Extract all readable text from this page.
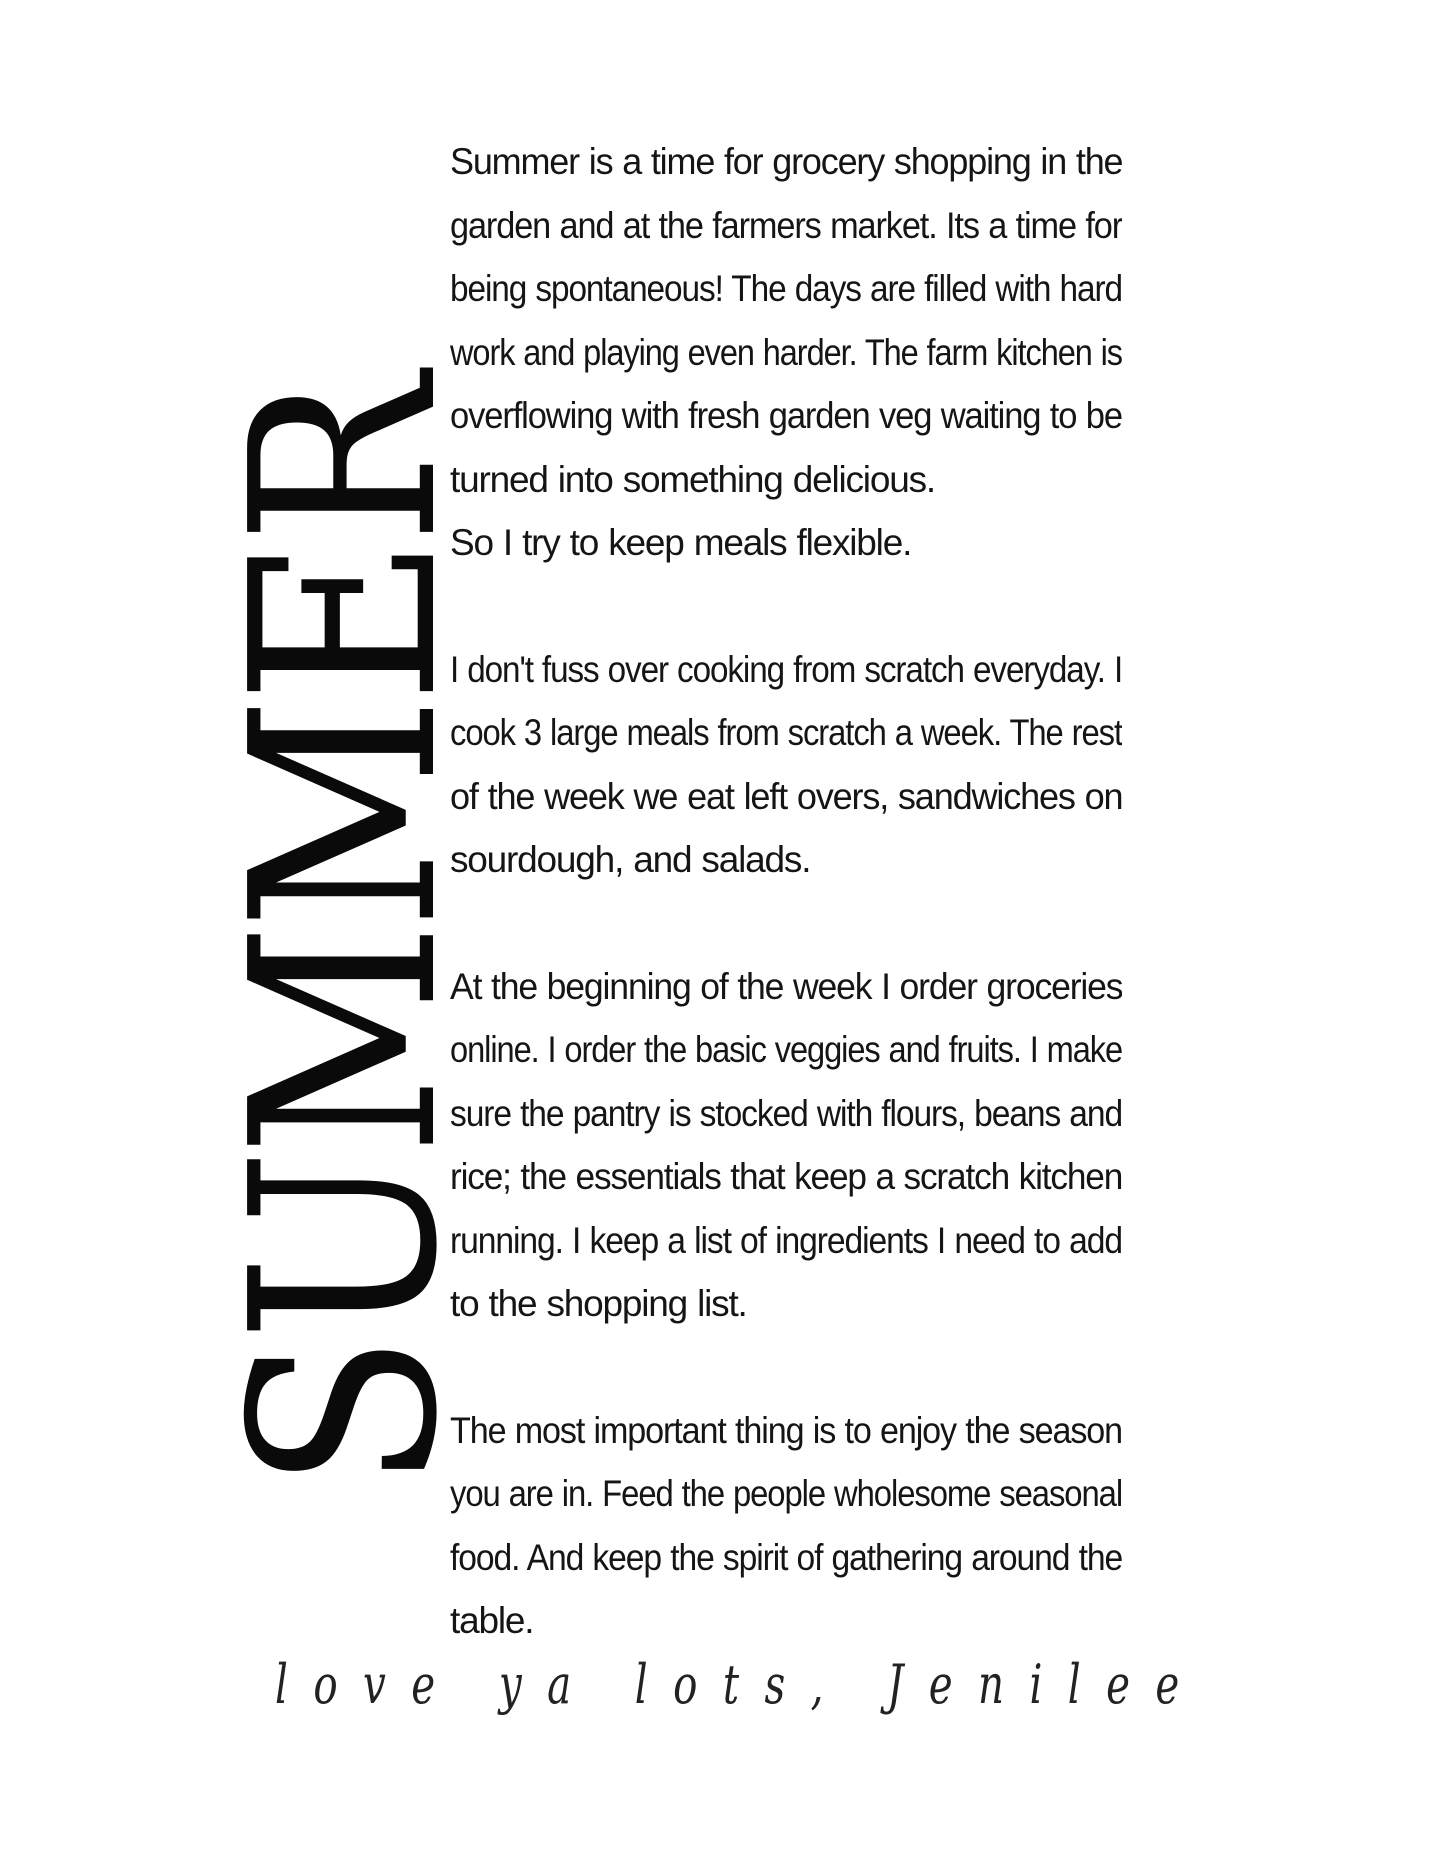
SUMMER

Summer is a time for grocery shopping in the
garden and at the farmers market. Its a time for
being spontaneous! The days are filled with hard
work and playing even harder. The farm kitchen is
overflowing with fresh garden veg waiting to be
turned into something delicious.
So I try to keep meals flexible.

I don't fuss over cooking from scratch everyday. I
cook 3 large meals from scratch a week. The rest
of the week we eat left overs, sandwiches on
sourdough, and salads.

At the beginning of the week I order groceries
online. I order the basic veggies and fruits. I make
sure the pantry is stocked with flours, beans and
rice; the essentials that keep a scratch kitchen
running. I keep a list of ingredients I need to add
to the shopping list.

The most important thing is to enjoy the season
you are in. Feed the people wholesome seasonal
food. And keep the spirit of gathering around the
table.

love ya lots, Jenilee
